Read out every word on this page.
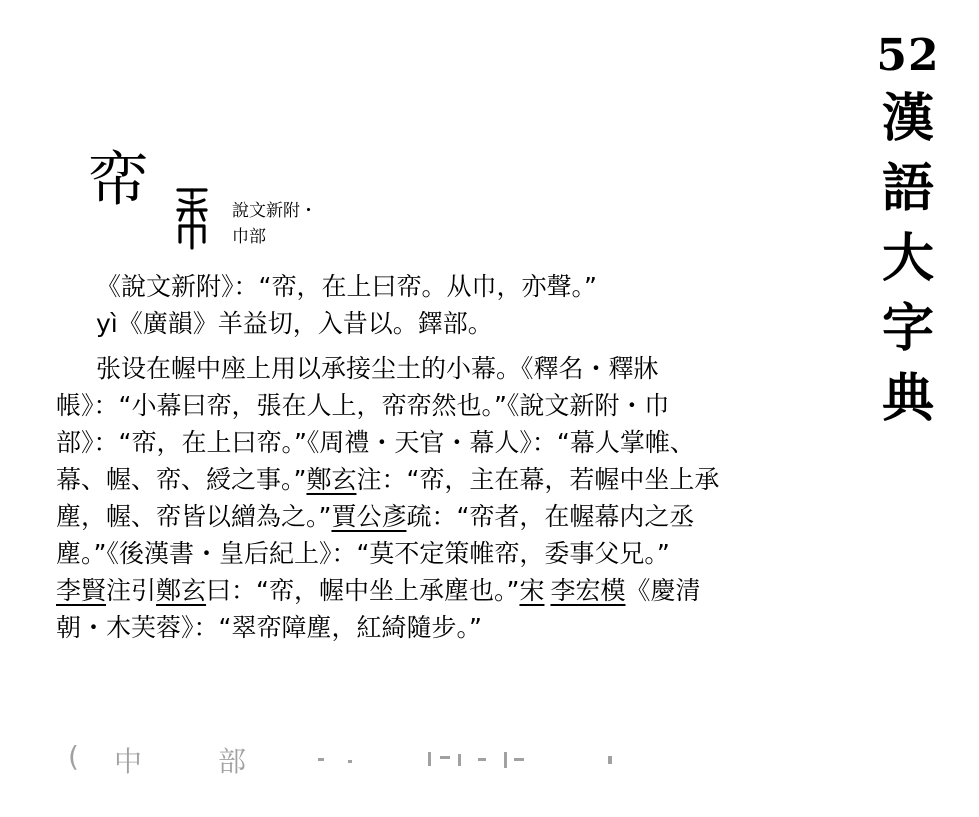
52
漢
語
大
字
典
帟	說文新附・
巾部
《說文新附》：“帟，在上曰帟。从巾，亦聲。”
yì《廣韻》羊益切，入昔以。鐸部。
张设在幄中座上用以承接尘土的小幕。《釋名・釋牀
帳》：“小幕曰帟，張在人上，帟帟然也。”《說文新附・巾
部》：“帟，在上曰帟。”《周禮・天官・幕人》：“幕人掌帷、
幕、幄、帟、綬之事。”鄭玄注：“帟，主在幕，若幄中坐上承
塵，幄、帟皆以繒為之。”賈公彥疏：“帟者，在幄幕内之丞
塵。”《後漢書・皇后紀上》：“莫不定策帷帟，委事父兄。”
李賢注引鄭玄曰：“帟，幄中坐上承塵也。”宋 李宏模《慶清
朝・木芙蓉》：“翠帟障塵，紅綺隨步。”
( 中	部
